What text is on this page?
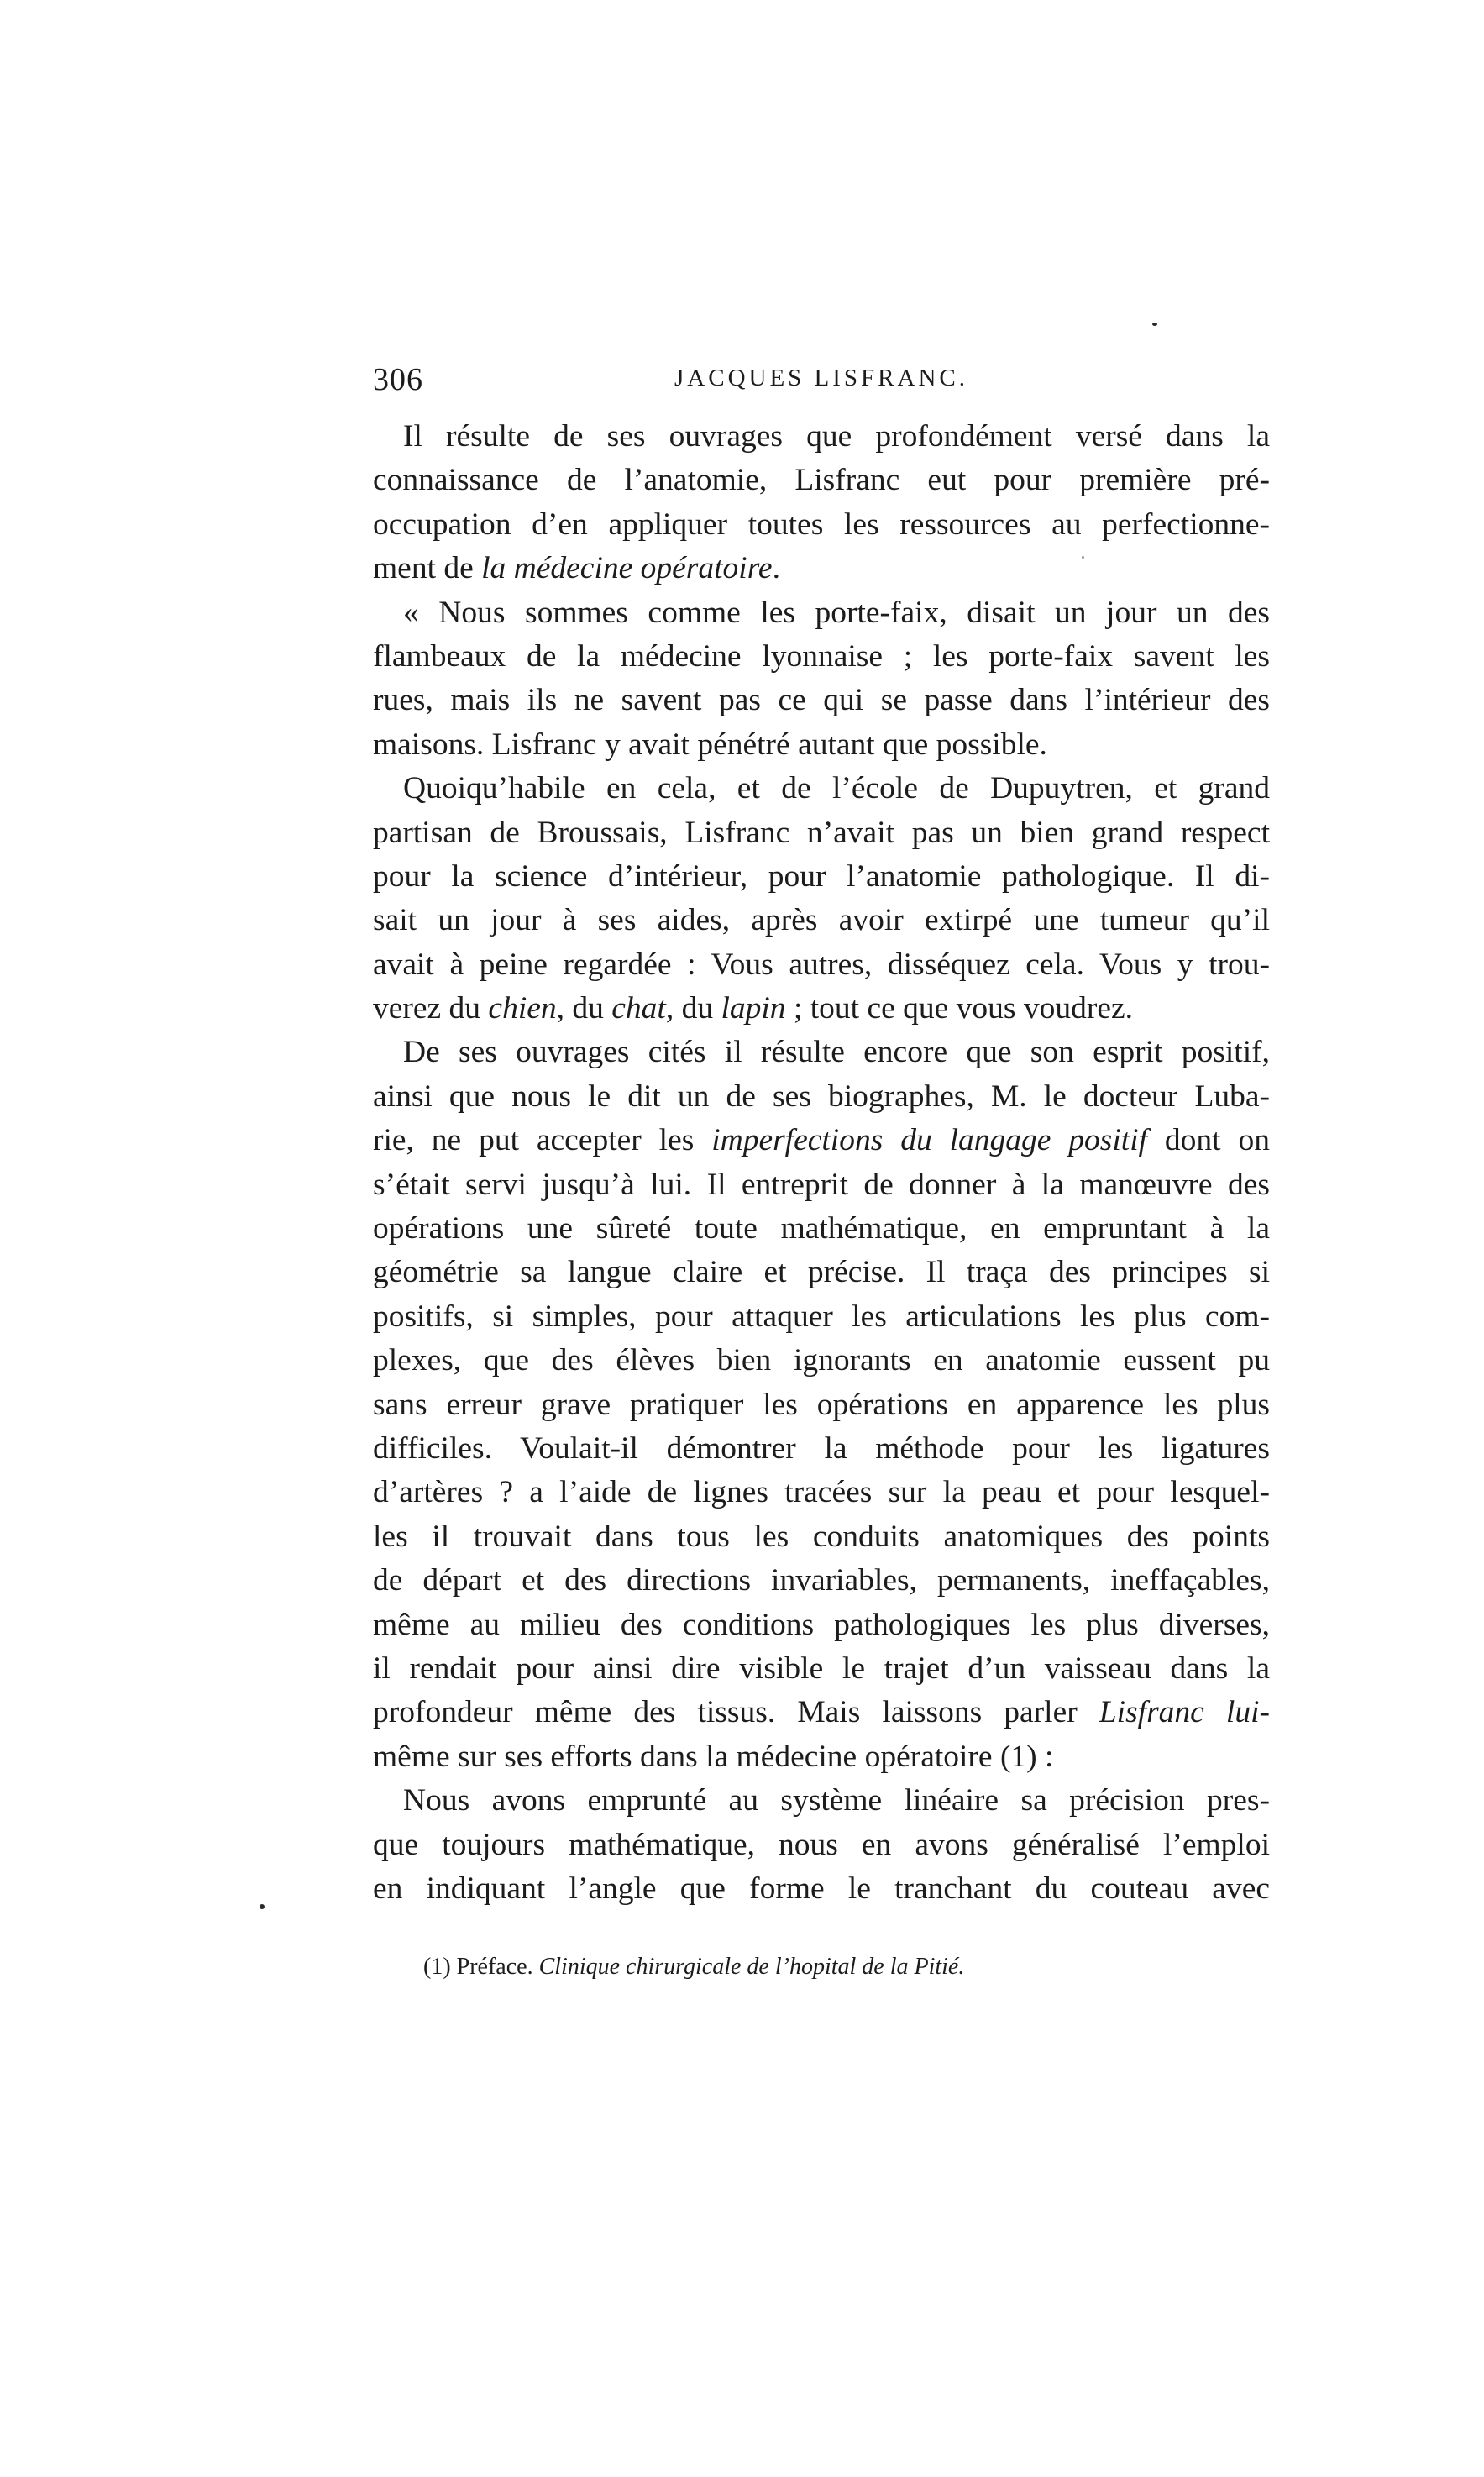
306	JACQUES LISFRANC.
Il résulte de ses ouvrages que profondément versé dans la
connaissance de l’anatomie, Lisfranc eut pour première pré-
occupation d’en appliquer toutes les ressources au perfectionne-
ment de la médecine opératoire.
« Nous sommes comme les porte-faix, disait un jour un des
flambeaux de la médecine lyonnaise ; les porte-faix savent les
rues, mais ils ne savent pas ce qui se passe dans l’intérieur des
maisons. Lisfranc y avait pénétré autant que possible.
Quoiqu’habile en cela, et de l’école de Dupuytren, et grand
partisan de Broussais, Lisfranc n’avait pas un bien grand respect
pour la science d’intérieur, pour l’anatomie pathologique. Il di-
sait un jour à ses aides, après avoir extirpé une tumeur qu’il
avait à peine regardée : Vous autres, disséquez cela. Vous y trou-
verez du chien, du chat, du lapin ; tout ce que vous voudrez.
De ses ouvrages cités il résulte encore que son esprit positif,
ainsi que nous le dit un de ses biographes, M. le docteur Luba-
rie, ne put accepter les imperfections du langage positif dont on
s’était servi jusqu’à lui. Il entreprit de donner à la manœuvre des
opérations une sûreté toute mathématique, en empruntant à la
géométrie sa langue claire et précise. Il traça des principes si
positifs, si simples, pour attaquer les articulations les plus com-
plexes, que des élèves bien ignorants en anatomie eussent pu
sans erreur grave pratiquer les opérations en apparence les plus
difficiles. Voulait-il démontrer la méthode pour les ligatures
d’artères ? a l’aide de lignes tracées sur la peau et pour lesquel-
les il trouvait dans tous les conduits anatomiques des points
de départ et des directions invariables, permanents, ineffaçables,
même au milieu des conditions pathologiques les plus diverses,
il rendait pour ainsi dire visible le trajet d’un vaisseau dans la
profondeur même des tissus. Mais laissons parler Lisfranc lui-
même sur ses efforts dans la médecine opératoire (1) :
Nous avons emprunté au système linéaire sa précision pres-
que toujours mathématique, nous en avons généralisé l’emploi
en indiquant l’angle que forme le tranchant du couteau avec
(1) Préface. Clinique chirurgicale de l’hopital de la Pitié.
